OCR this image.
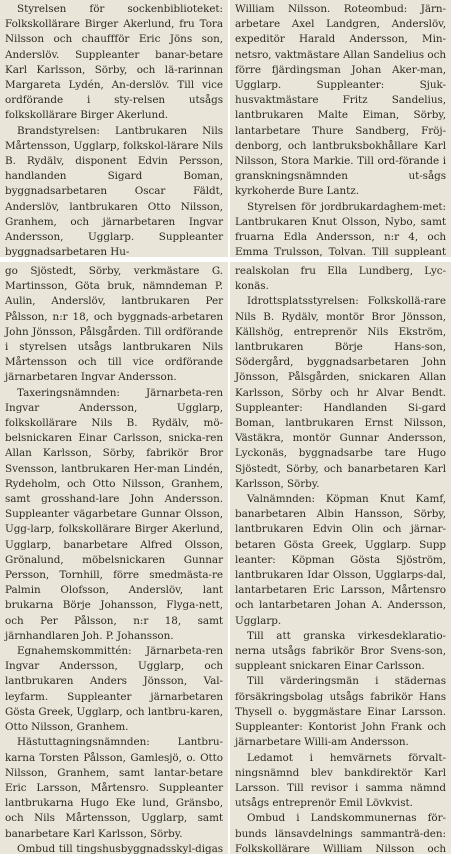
Styrelsen för sockenbiblioteket: Folkskollärare Birger Akerlund, fru Tora Nilsson och chauffför Eric Jöns son, Anderslöv. Suppleanter banar-betare Karl Karlsson, Sörby, och lä-rarinnan Margareta Lydén, An-derslöv. Till vice ordförande i sty-relsen utsågs folkskollärare Birger Akerlund.

Brandstyrelsen: Lantbrukaren Nils Mårtensson, Ugglarp, folkskol-lärare Nils B. Rydälv, disponent Edvin Persson, handlanden Sigard Boman, byggnadsarbetaren Oscar Fäldt, Anderslöv, lantbrukaren Otto Nilsson, Granhem, och järnarbetaren Ingvar Andersson, Ugglarp. Suppleanter byggnadsarbetaren Hu-

William Nilsson. Roteombud: Järn-arbetare Axel Landgren, Anderslöv, expeditör Harald Andersson, Min-netsro, vaktmästare Allan Sandelius och förre fjärdingsman Johan Aker-man, Ugglarp. Suppleanter: Sjuk-husvaktmästare Fritz Sandelius, lantbrukaren Malte Eiman, Sörby, lantarbetare Thure Sandberg, Fröj-denborg, och lantbruksbokhållare Karl Nilsson, Stora Markie. Till ord-förande i granskningsnämnden ut-sågs kyrkoherde Bure Lantz.

Styrelsen för jordbrukardaghem-met: Lantbrukaren Knut Olsson, Nybo, samt fruarna Edla Andersson, n:r 4, och Emma Trulsson, Tolvan. Till suppleant

go Sjöstedt, Sörby, verkmästare G. Martinsson, Göta bruk, nämndeman P. Aulin, Anderslöv, lantbrukaren Per Pålsson, n:r 18, och byggnads-arbetaren John Jönsson, Pålsgården. Till ordförande i styrelsen utsågs lantbrukaren Nils Mårtensson och till vice ordförande järnarbetaren Ingvar Andersson.

Taxeringsnämnden: Järnarbeta-ren Ingvar Andersson, Ugglarp, folkskollärare Nils B. Rydälv, mö-belsnickaren Einar Carlsson, snicka-ren Allan Karlsson, Sörby, fabrikör Bror Svensson, lantbrukaren Her-man Lindén, Rydeholm, och Otto Nilsson, Granhem, samt grosshand-lare John Andersson. Suppleanter vägarbetare Gunnar Olsson, Ugg-larp, folkskollärare Birger Akerlund, Ugglarp, banarbetare Alfred Olsson, Grönalund, möbelsnickaren Gunnar Persson, Tornhill, förre smedmästa-re Palmin Olofsson, Anderslöv, lant brukarna Börje Johansson, Flyga-nett, och Per Pålsson, n:r 18, samt järnhandlaren Joh. P. Johansson.

Egnahemskommittén: Järnarbeta-ren Ingvar Andersson, Ugglarp, och lantbrukaren Anders Jönsson, Val-leyfarm. Suppleanter järnarbetaren Gösta Greek, Ugglarp, och lantbru-karen, Otto Nilsson, Granhem.

Hästuttagningsnämnden: Lantbru-karna Torsten Pålsson, Gamlesjö, o. Otto Nilsson, Granhem, samt lantar-betare Eric Larsson, Mårtensro. Suppleanter lantbrukarna Hugo Eke lund, Gränsbo, och Nils Mårtensson, Ugglarp, samt banarbetare Karl Karlsson, Sörby.

Ombud till tingshusbyggnadsskyl-digas

realskolan fru Ella Lundberg, Lyc-konäs.

Idrottsplatsstyrelsen: Folkskollä-rare Nils B. Rydälv, montör Bror Jönsson, Källshög, entreprenör Nils Ekström, lantbrukaren Börje Hans-son, Södergård, byggnadsarbetaren John Jönsson, Pålsgården, snickaren Allan Karlsson, Sörby och hr Alvar Bendt. Suppleanter: Handlanden Si-gard Boman, lantbrukaren Ernst Nilsson, Västäkra, montör Gunnar Andersson, Lyckonäs, byggnadsarbe tare Hugo Sjöstedt, Sörby, och banarbetaren Karl Karlsson, Sörby.

Valnämnden: Köpman Knut Kamf, banarbetaren Albin Hansson, Sörby, lantbrukaren Edvin Olin och järnar-betaren Gösta Greek, Ugglarp. Supp leanter: Köpman Gösta Sjöström, lantbrukaren Idar Olsson, Ugglarps-dal, lantarbetaren Eric Larsson, Mårtensro och lantarbetaren Johan A. Andersson, Ugglarp.

Till att granska virkesdeklaratio-nerna utsågs fabrikör Bror Svens-son, suppleant snickaren Einar Carlsson.

Till värderingsmän i städernas försäkringsbolag utsågs fabrikör Hans Thysell o. byggmästare Einar Larsson. Suppleanter: Kontorist John Frank och järnarbetare Willi-am Andersson.

Ledamot i hemvärnets förvalt-ningsnämnd blev bankdirektör Karl Larsson. Till revisor i samma nämnd utsågs entreprenör Emil Lövkvist.

Ombud i Landskommunernas för-bunds länsavdelnings sammanträ-den: Folkskollärare William Nilsson och
